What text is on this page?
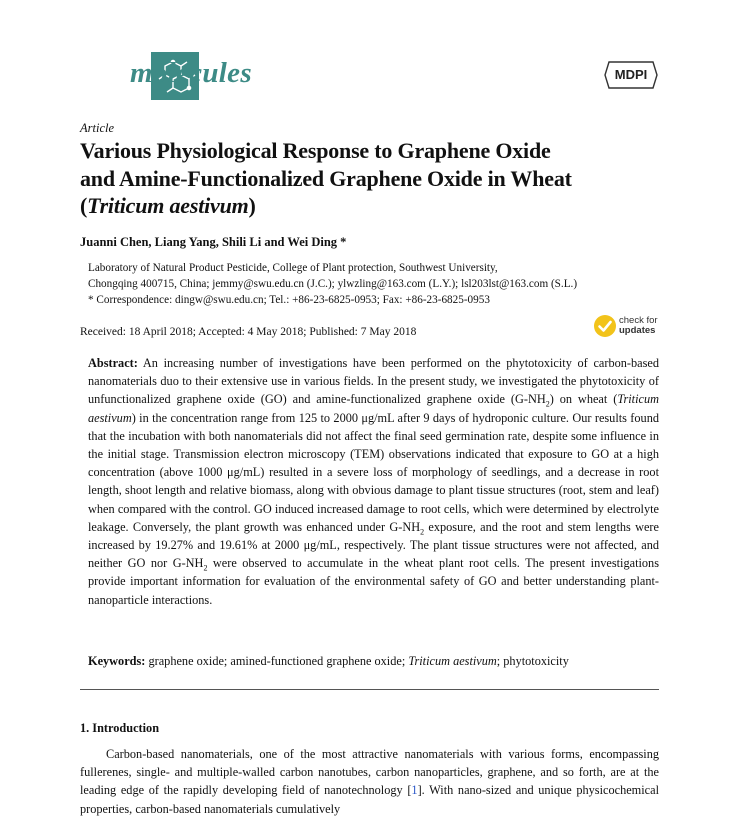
molecules	MDPI
Article
Various Physiological Response to Graphene Oxide
and Amine-Functionalized Graphene Oxide in Wheat
(Triticum aestivum)
Juanni Chen, Liang Yang, Shili Li and Wei Ding *
Laboratory of Natural Product Pesticide, College of Plant protection, Southwest University,
Chongqing 400715, China; jemmy@swu.edu.cn (J.C.); ylwzling@163.com (L.Y.); lsl203lst@163.com (S.L.)
* Correspondence: dingw@swu.edu.cn; Tel.: +86-23-6825-0953; Fax: +86-23-6825-0953
Received: 18 April 2018; Accepted: 4 May 2018; Published: 7 May 2018
check for
updates
Abstract: An increasing number of investigations have been performed on the phytotoxicity of carbon-based nanomaterials duo to their extensive use in various fields. In the present study, we investigated the phytotoxicity of unfunctionalized graphene oxide (GO) and amine-functionalized graphene oxide $(G-NH_2)$ on wheat (Triticum aestivum) in the concentration range from 125 to 2000 μg/mL after 9 days of hydroponic culture. Our results found that the incubation with both nanomaterials did not affect the final seed germination rate, despite some influence in the initial stage. Transmission electron microscopy (TEM) observations indicated that exposure to GO at a high concentration (above 1000 μg/mL) resulted in a severe loss of morphology of seedlings, and a decrease in root length, shoot length and relative biomass, along with obvious damage to plant tissue structures (root, stem and leaf) when compared with the control. GO induced increased damage to root cells, which were determined by electrolyte leakage. Conversely, the plant growth was enhanced under $G-NH_2$ exposure, and the root and stem lengths were increased by 19.27% and 19.61% at 2000 μg/mL, respectively. The plant tissue structures were not affected, and neither GO nor $G-NH_2$ were observed to accumulate in the wheat plant root cells. The present investigations provide important information for evaluation of the environmental safety of GO and better understanding plant-nanoparticle interactions.
Keywords: graphene oxide; amined-functioned graphene oxide; Triticum aestivum; phytotoxicity
1. Introduction
Carbon-based nanomaterials, one of the most attractive nanomaterials with various forms, encompassing fullerenes, single- and multiple-walled carbon nanotubes, carbon nanoparticles, graphene, and so forth, are at the leading edge of the rapidly developing field of nanotechnology [1]. With nano-sized and unique physicochemical properties, carbon-based nanomaterials cumulatively
